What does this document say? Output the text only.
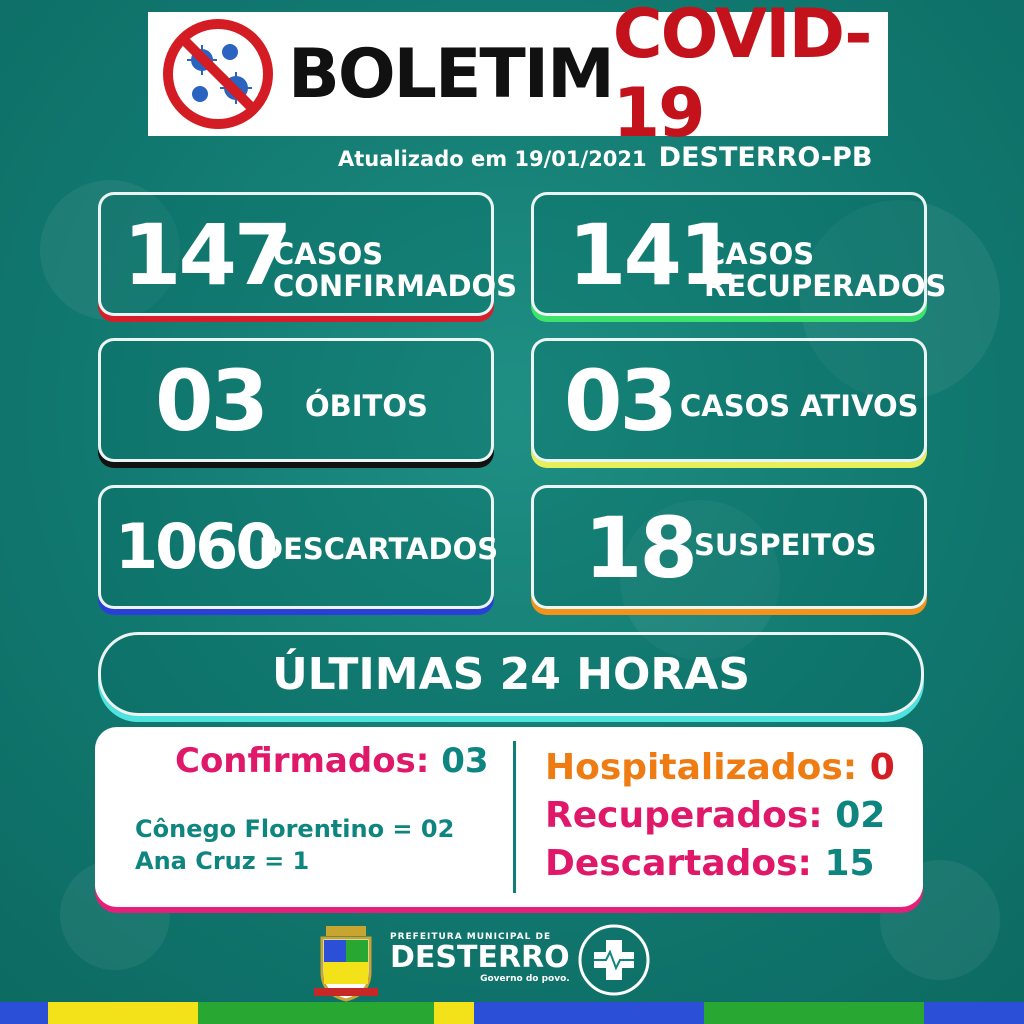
BOLETIM COVID-19
Atualizado em 19/01/2021 DESTERRO-PB
147
CASOS
CONFIRMADOS 141
CASOS
RECUPERADOS
03 ÓBITOS 03 CASOS ATIVOS
1060
DESCARTADOS 18 SUSPEITOS
ÚLTIMAS 24 HORAS
Confirmados: 03
Cônego Florentino = 02
Ana Cruz = 1
Hospitalizados: 0
Recuperados: 02
Descartados: 15
PREFEITURA MUNICIPAL DE
DESTERRO
Governo do povo.
